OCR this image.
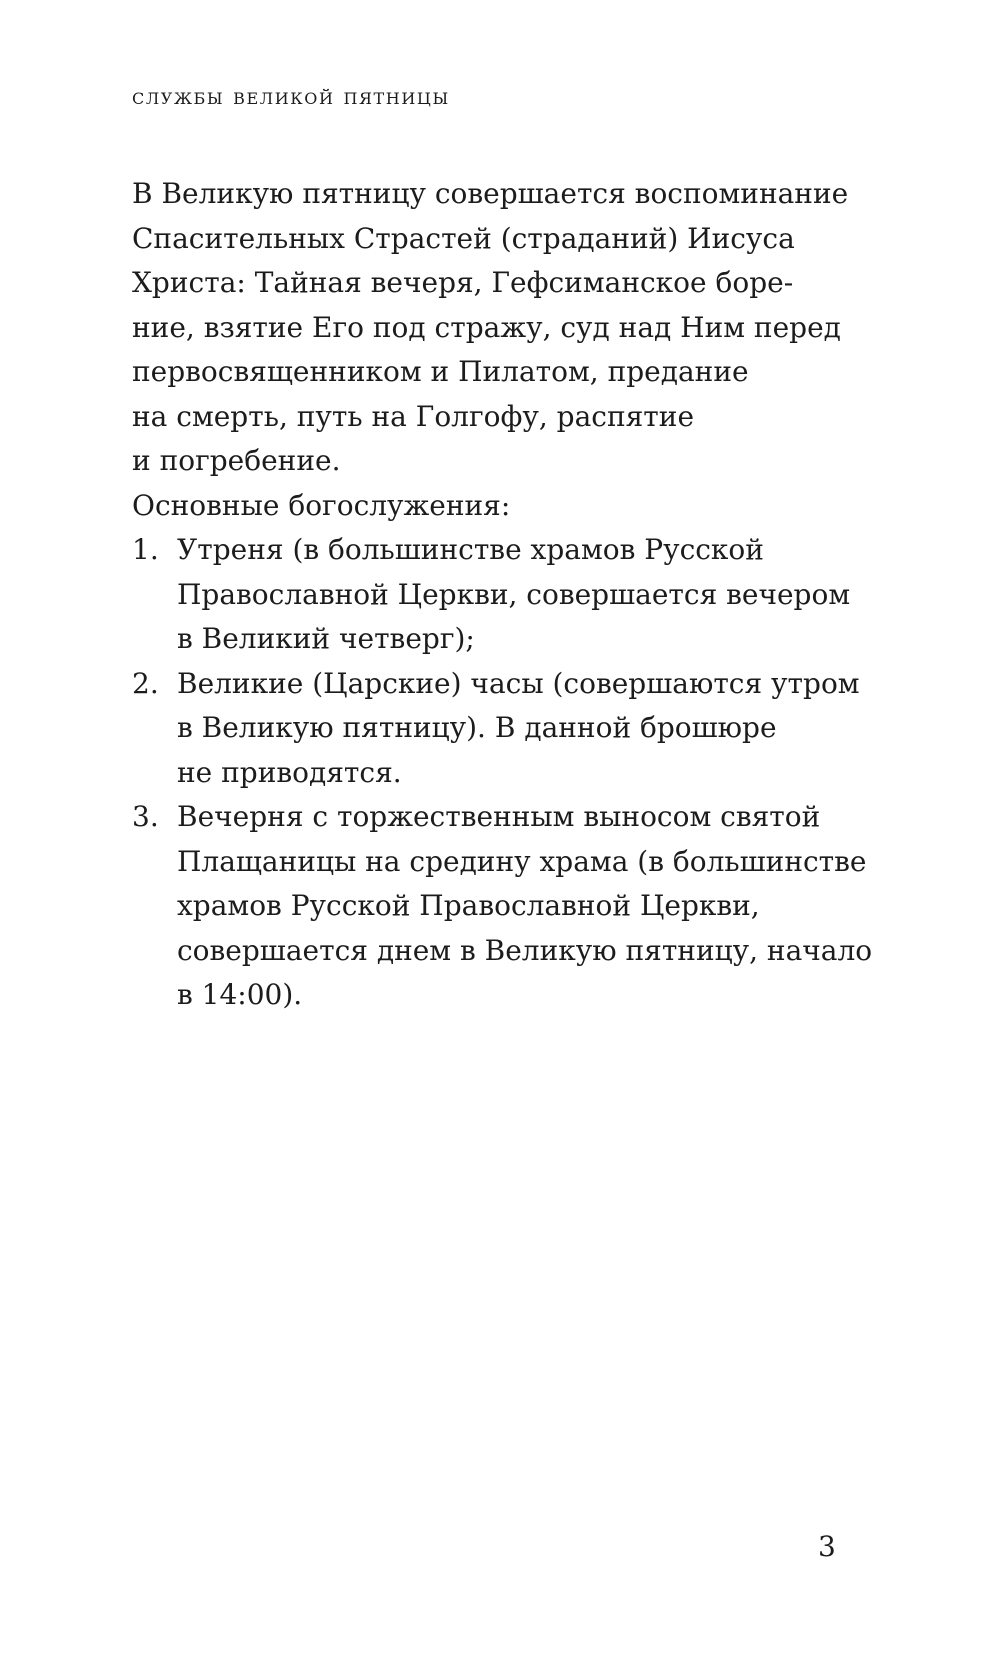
службы великой пятницы

В Великую пятницу совершается воспоминание
Спасительных Страстей (страданий) Иисуса
Христа: Тайная вечеря, Гефсиманское боре-
ние, взятие Его под стражу, суд над Ним перед
первосвященником и Пилатом, предание
на смерть, путь на Голгофу, распятие
и погребение.

Основные богослужения:

1. Утреня (в большинстве храмов Русской
Православной Церкви, совершается вечером
в Великий четверг);
2. Великие (Царские) часы (совершаются утром
в Великую пятницу). В данной брошюре
не приводятся.
3. Вечерня с торжественным выносом святой
Плащаницы на средину храма (в большинстве
храмов Русской Православной Церкви,
совершается днем в Великую пятницу, начало
в 14:00).
3
